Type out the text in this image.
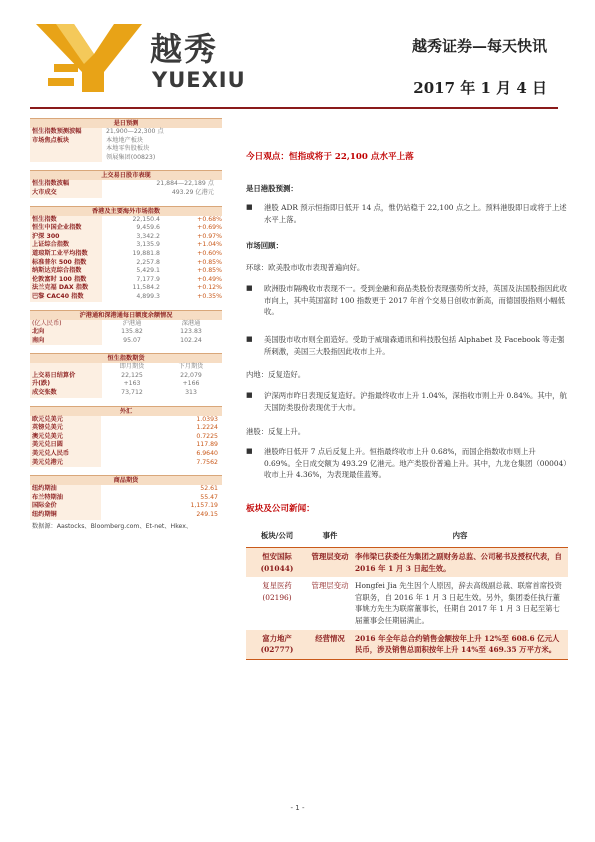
越秀
YUEXIU
越秀证券—每天快讯
2017 年 1 月 4 日
是日预测
恒生指数预测波幅	21,900—22,300 点
市场焦点板块	本地地产板块
本地零售股板块
领展集团(00823)
上交易日股市表现
恒生指数波幅	21,884—22,189 点
大市成交	493.29 亿港元
香港及主要海外市场指数
恒生指数	22,150.4	+0.68%
恒生中国企业指数	9,459.6	+0.69%
沪深 300	3,342.2	+0.97%
上证综合指数	3,135.9	+1.04%
道琼斯工业平均指数	19,881.8	+0.60%
标准普尔 500 指数	2,257.8	+0.85%
纳斯达克综合指数	5,429.1	+0.85%
伦敦富时 100 指数	7,177.9	+0.49%
法兰克福 DAX 指数	11,584.2	+0.12%
巴黎 CAC40 指数	4,899.3	+0.35%
沪港通和深港通每日额度余额情况
(亿人民币)	沪港通	深港通
北向	135.82	123.83
南向	95.07	102.24
恒生指数期货
即月期货	下月期货
上交易日结算价	22,125	22,079
升(跌)	+163	+166
成交张数	73,712	313
外汇
欧元兑美元	1.0393
英镑兑美元	1.2224
澳元兑美元	0.7225
美元兑日圆	117.89
美元兑人民币	6.9640
美元兑港元	7.7562
商品期货
纽约期油	52.61
布兰特期油	55.47
国际金价	1,157.19
纽约期铜	249.15
数据源：Aastocks、Bloomberg.com、Et-net、Hkex、
今日观点：恒指或将于 22,100 点水平上落
是日港股预测：
■ 港股 ADR 预示恒指即日低开 14 点，惟仍站稳于 22,100 点之上。预料港股即日或将于上述水平上落。
市场回顾：
环球：欧美股市收市表现普遍向好。
■ 欧洲股市隔晚收市表现不一。受到金融和商品类股份表现强势所支持，英国及法国股指因此收市向上，其中英国富时 100 指数更于 2017 年首个交易日创收市新高，而德国股指则小幅低收。
■ 美国股市收市则全面造好。受助于威瑞森通讯和科技股包括 Alphabet 及 Facebook 等走强所刺激，美国三大股指因此收市上升。
内地：反复造好。
■ 沪深两市昨日表现反复造好。沪指最终收市上升 1.04%，深指收市则上升 0.84%。其中，航天国防类股份表现优于大市。
港股：反复上升。
■ 港股昨日低开 7 点后反复上升。恒指最终收市上升 0.68%，而国企指数收市则上升 0.69%。全日成交额为 493.29 亿港元。地产类股份普遍上升。其中，九龙仓集团（00004）收市上升 4.36%，为表现最佳蓝筹。
板块及公司新闻：
板块/公司	事件	内容
恒安国际 (01044)	管理层变动	李伟梁已获委任为集团之副财务总监、公司秘书及授权代表，自 2016 年 1 月 3 日起生效。
复星医药 (02196)	管理层变动	Hongfei Jia 先生因个人原因，辞去高级副总裁、联席首席投资官职务，自 2016 年 1 月 3 日起生效。另外，集团委任执行董事姚方先生为联席董事长，任期自 2017 年 1 月 3 日起至第七届董事会任期届满止。
富力地产 (02777)	经营情况	2016 年全年总合约销售金额按年上升 12%至 608.6 亿元人民币，涉及销售总面积按年上升 14%至 469.35 万平方米。
- 1 -
